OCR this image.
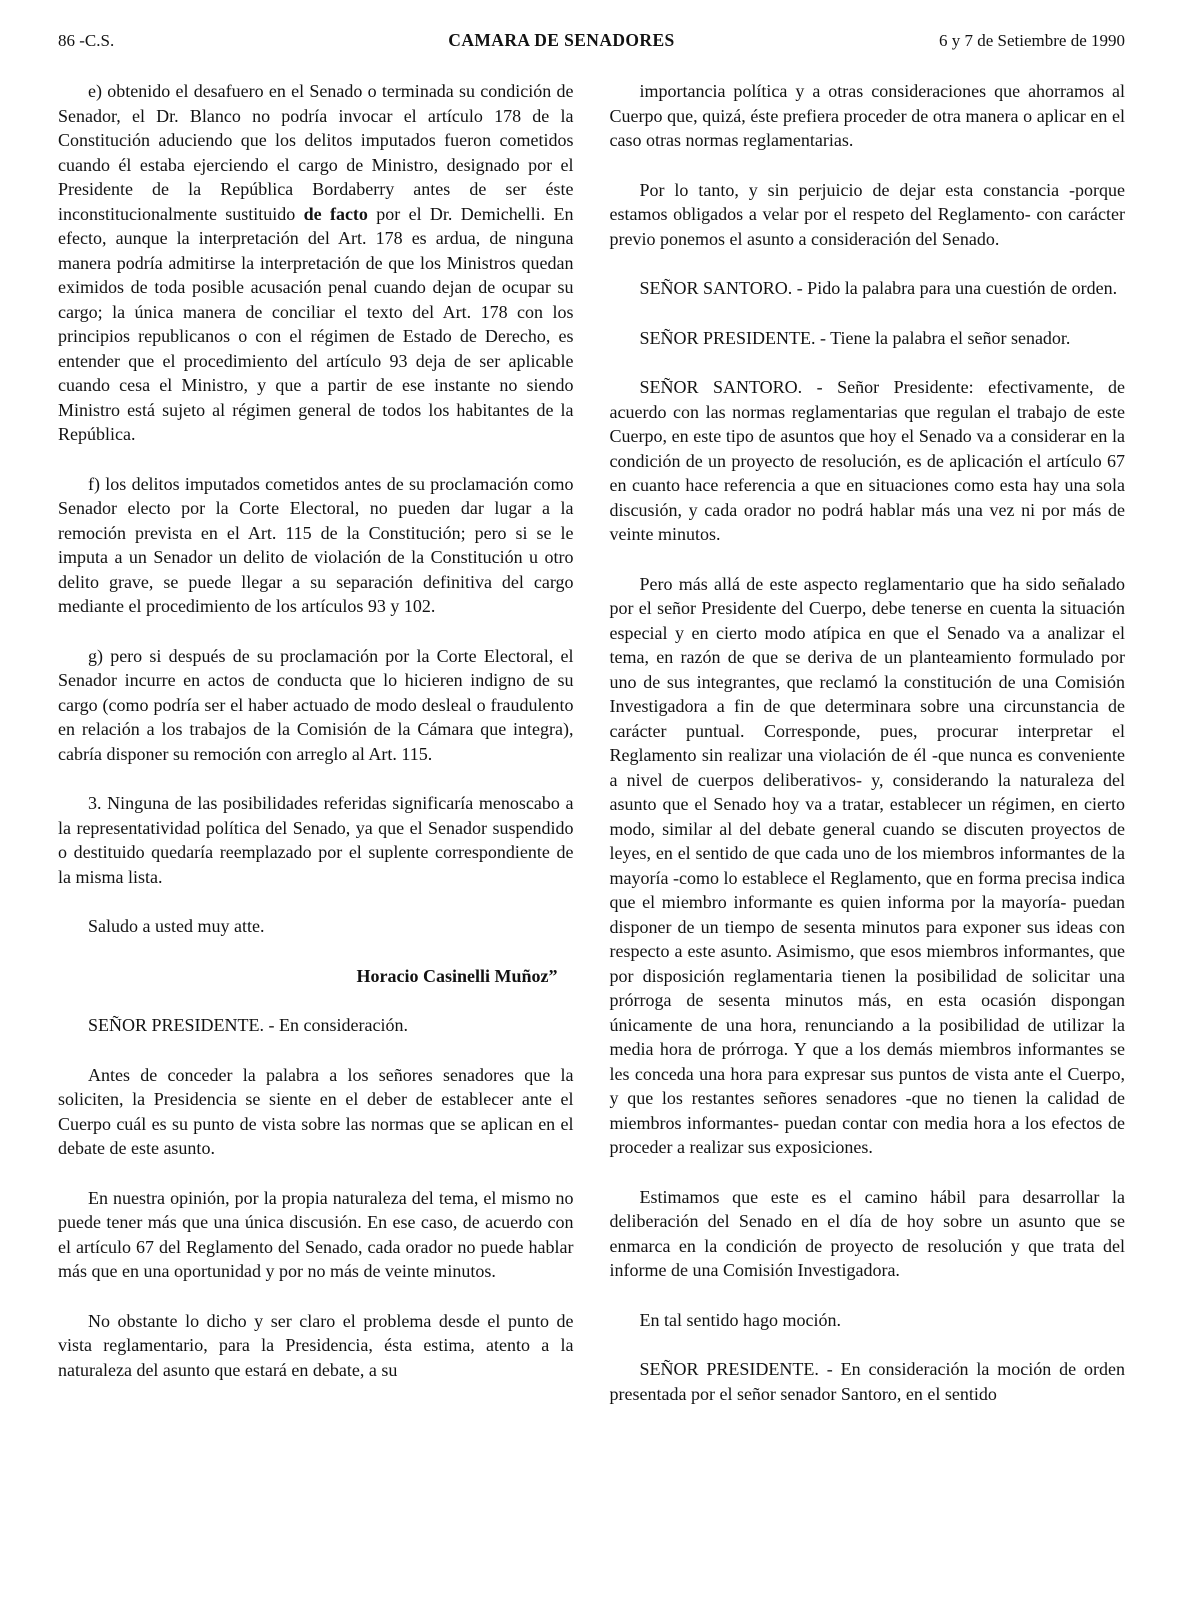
86 -C.S.	CAMARA DE SENADORES	6 y 7 de Setiembre de 1990

e) obtenido el desafuero en el Senado o terminada su condición de Senador, el Dr. Blanco no podría invocar el artículo 178 de la Constitución aduciendo que los delitos imputados fueron cometidos cuando él estaba ejerciendo el cargo de Ministro, designado por el Presidente de la República Bordaberry antes de ser éste inconstitucionalmente sustituido de facto por el Dr. Demichelli. En efecto, aunque la interpretación del Art. 178 es ardua, de ninguna manera podría admitirse la interpretación de que los Ministros quedan eximidos de toda posible acusación penal cuando dejan de ocupar su cargo; la única manera de conciliar el texto del Art. 178 con los principios republicanos o con el régimen de Estado de Derecho, es entender que el procedimiento del artículo 93 deja de ser aplicable cuando cesa el Ministro, y que a partir de ese instante no siendo Ministro está sujeto al régimen general de todos los habitantes de la República.

f) los delitos imputados cometidos antes de su proclamación como Senador electo por la Corte Electoral, no pueden dar lugar a la remoción prevista en el Art. 115 de la Constitución; pero si se le imputa a un Senador un delito de violación de la Constitución u otro delito grave, se puede llegar a su separación definitiva del cargo mediante el procedimiento de los artículos 93 y 102.

g) pero si después de su proclamación por la Corte Electoral, el Senador incurre en actos de conducta que lo hicieren indigno de su cargo (como podría ser el haber actuado de modo desleal o fraudulento en relación a los trabajos de la Comisión de la Cámara que integra), cabría disponer su remoción con arreglo al Art. 115.

3. Ninguna de las posibilidades referidas significaría menoscabo a la representatividad política del Senado, ya que el Senador suspendido o destituido quedaría reemplazado por el suplente correspondiente de la misma lista.

Saludo a usted muy atte.

Horacio Casinelli Muñoz”

SEÑOR PRESIDENTE. - En consideración.

Antes de conceder la palabra a los señores senadores que la soliciten, la Presidencia se siente en el deber de establecer ante el Cuerpo cuál es su punto de vista sobre las normas que se aplican en el debate de este asunto.

En nuestra opinión, por la propia naturaleza del tema, el mismo no puede tener más que una única discusión. En ese caso, de acuerdo con el artículo 67 del Reglamento del Senado, cada orador no puede hablar más que en una oportunidad y por no más de veinte minutos.

No obstante lo dicho y ser claro el problema desde el punto de vista reglamentario, para la Presidencia, ésta estima, atento a la naturaleza del asunto que estará en debate, a su

importancia política y a otras consideraciones que ahorramos al Cuerpo que, quizá, éste prefiera proceder de otra manera o aplicar en el caso otras normas reglamentarias.

Por lo tanto, y sin perjuicio de dejar esta constancia -porque estamos obligados a velar por el respeto del Reglamento- con carácter previo ponemos el asunto a consideración del Senado.

SEÑOR SANTORO. - Pido la palabra para una cuestión de orden.

SEÑOR PRESIDENTE. - Tiene la palabra el señor senador.

SEÑOR SANTORO. - Señor Presidente: efectivamente, de acuerdo con las normas reglamentarias que regulan el trabajo de este Cuerpo, en este tipo de asuntos que hoy el Senado va a considerar en la condición de un proyecto de resolución, es de aplicación el artículo 67 en cuanto hace referencia a que en situaciones como esta hay una sola discusión, y cada orador no podrá hablar más una vez ni por más de veinte minutos.

Pero más allá de este aspecto reglamentario que ha sido señalado por el señor Presidente del Cuerpo, debe tenerse en cuenta la situación especial y en cierto modo atípica en que el Senado va a analizar el tema, en razón de que se deriva de un planteamiento formulado por uno de sus integrantes, que reclamó la constitución de una Comisión Investigadora a fin de que determinara sobre una circunstancia de carácter puntual. Corresponde, pues, procurar interpretar el Reglamento sin realizar una violación de él -que nunca es conveniente a nivel de cuerpos deliberativos- y, considerando la naturaleza del asunto que el Senado hoy va a tratar, establecer un régimen, en cierto modo, similar al del debate general cuando se discuten proyectos de leyes, en el sentido de que cada uno de los miembros informantes de la mayoría -como lo establece el Reglamento, que en forma precisa indica que el miembro informante es quien informa por la mayoría- puedan disponer de un tiempo de sesenta minutos para exponer sus ideas con respecto a este asunto. Asimismo, que esos miembros informantes, que por disposición reglamentaria tienen la posibilidad de solicitar una prórroga de sesenta minutos más, en esta ocasión dispongan únicamente de una hora, renunciando a la posibilidad de utilizar la media hora de prórroga. Y que a los demás miembros informantes se les conceda una hora para expresar sus puntos de vista ante el Cuerpo, y que los restantes señores senadores -que no tienen la calidad de miembros informantes- puedan contar con media hora a los efectos de proceder a realizar sus exposiciones.

Estimamos que este es el camino hábil para desarrollar la deliberación del Senado en el día de hoy sobre un asunto que se enmarca en la condición de proyecto de resolución y que trata del informe de una Comisión Investigadora.

En tal sentido hago moción.

SEÑOR PRESIDENTE. - En consideración la moción de orden presentada por el señor senador Santoro, en el sentido
